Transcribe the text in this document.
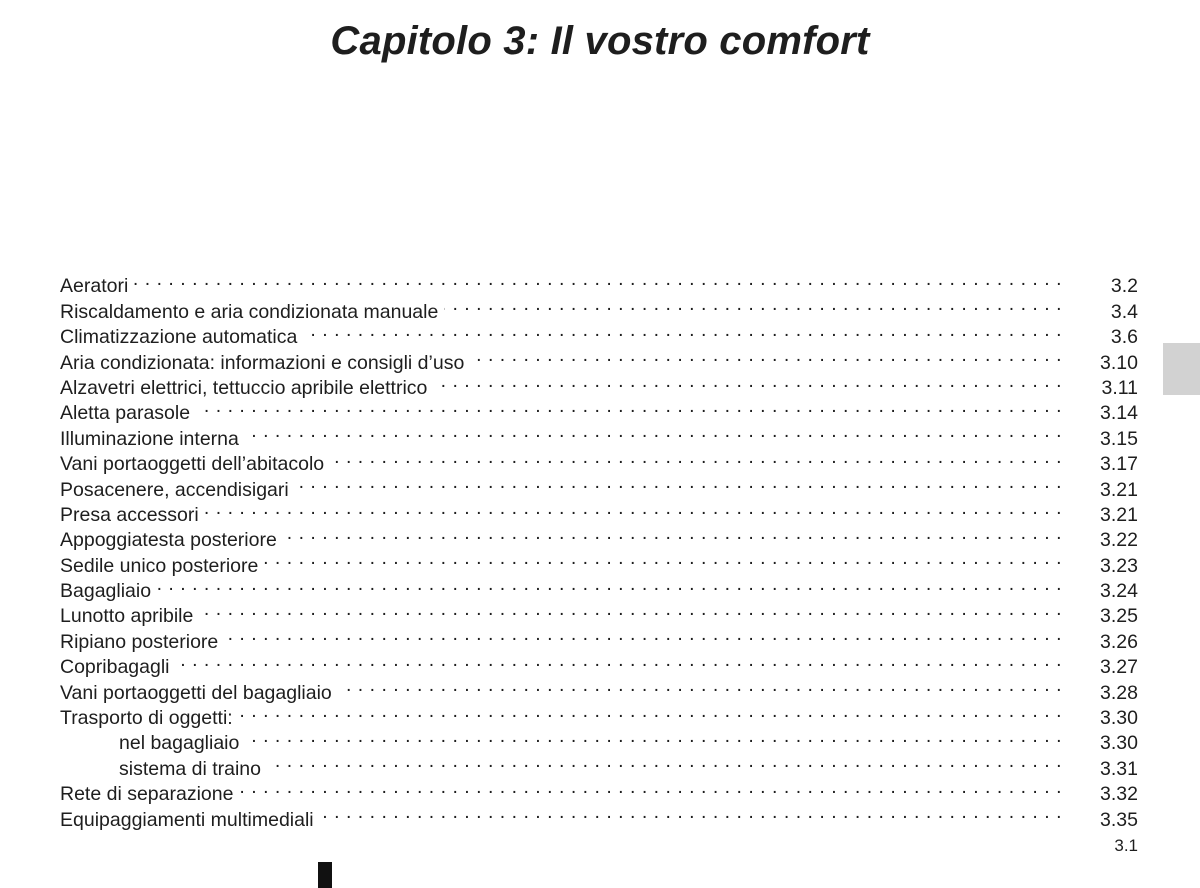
Capitolo 3: Il vostro comfort
Aeratori . . .	3.2
Riscaldamento e aria condizionata manuale . . .	3.4
Climatizzazione automatica . . .	3.6
Aria condizionata: informazioni e consigli d’uso . . .	3.10
Alzavetri elettrici, tettuccio apribile elettrico . . .	3.11
Aletta parasole . . .	3.14
Illuminazione interna . . .	3.15
Vani portaoggetti dell’abitacolo . . .	3.17
Posacenere, accendisigari . . .	3.21
Presa accessori . . .	3.21
Appoggiatesta posteriore . . .	3.22
Sedile unico posteriore . . .	3.23
Bagagliaio . . .	3.24
Lunotto apribile . . .	3.25
Ripiano posteriore . . .	3.26
Copribagagli . . .	3.27
Vani portaoggetti del bagagliaio . . .	3.28
Trasporto di oggetti: . . .	3.30
nel bagagliaio . . .	3.30
sistema di traino . . .	3.31
Rete di separazione . . .	3.32
Equipaggiamenti multimediali . . .	3.35
3.1
